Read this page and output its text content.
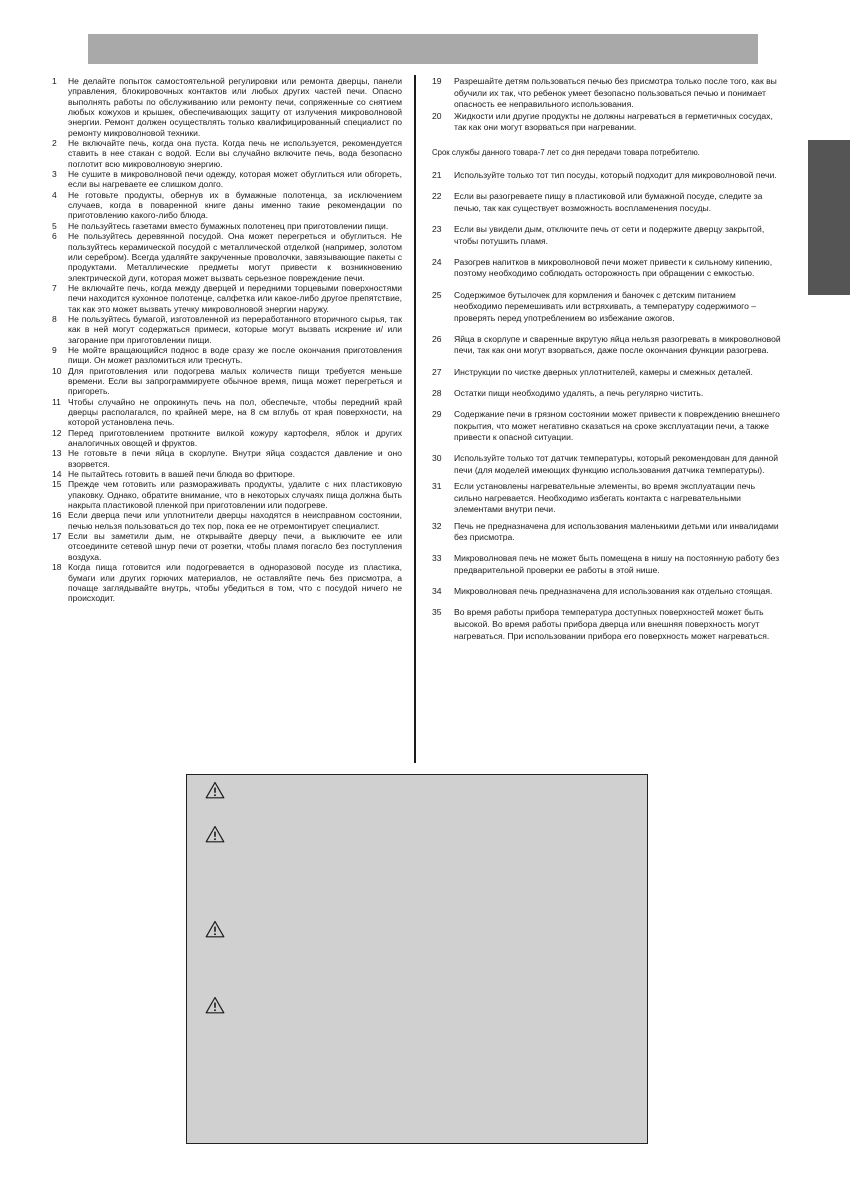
1	Не делайте попыток самостоятельной регулировки или ремонта дверцы, панели управления, блокировочных контактов или любых других частей печи. Опасно выполнять работы по обслуживанию или ремонту печи, сопряженные со снятием любых кожухов и крышек, обеспечивающих защиту от излучения микроволновой энергии. Ремонт должен осуществлять только квалифицированный специалист по ремонту микроволновой техники.
2	Не включайте печь, когда она пуста. Когда печь не используется, рекомендуется ставить в нее стакан с водой. Если вы случайно включите печь, вода безопасно поглотит всю микроволновую энергию.
3	Не сушите в микроволновой печи одежду, которая может обуглиться или обгореть, если вы нагреваете ее слишком долго.
4	Не готовьте продукты, обернув их в бумажные полотенца, за исключением случаев, когда в поваренной книге даны именно такие рекомендации по приготовлению какого-либо блюда.
5	Не пользуйтесь газетами вместо бумажных полотенец при приготовлении пищи.
6	Не пользуйтесь деревянной посудой. Она может перегреться и обуглиться. Не пользуйтесь керамической посудой с металлической отделкой (например, золотом или серебром). Всегда удаляйте закрученные проволочки, завязывающие пакеты с продуктами. Металлические предметы могут привести к возникновению электрической дуги, которая может вызвать серьезное повреждение печи.
7	Не включайте печь, когда между дверцей и передними торцевыми поверхностями печи находится кухонное полотенце, салфетка или какое-либо другое препятствие, так как это может вызвать утечку микроволновой энергии наружу.
8	Не пользуйтесь бумагой, изготовленной из переработанного вторичного сырья, так как в ней могут содержаться примеси, которые могут вызвать искрение и/ или загорание при приготовлении пищи.
9	Не мойте вращающийся поднос в воде сразу же после окончания приготовления пищи. Он может разломиться или треснуть.
10 Для приготовления или подогрева малых количеств пищи требуется меньше времени. Если вы запрограммируете обычное время, пища может перегреться и пригореть.
11 Чтобы случайно не опрокинуть печь на пол, обеспечьте, чтобы передний край дверцы располагался, по крайней мере, на 8 см вглубь от края поверхности, на которой установлена печь.
12 Перед приготовлением проткните вилкой кожуру картофеля, яблок и других аналогичных овощей и фруктов.
13 Не готовьте в печи яйца в скорлупе. Внутри яйца создастся давление и оно взорвется.
14 Не пытайтесь готовить в вашей печи блюда во фритюре.
15 Прежде чем готовить или размораживать продукты, удалите с них пластиковую упаковку. Однако, обратите внимание, что в некоторых случаях пища должна быть накрыта пластиковой пленкой при приготовлении или подогреве.
16 Если дверца печи или уплотнители дверцы находятся в неисправном состоянии, печью нельзя пользоваться до тех пор, пока ее не отремонтирует специалист.
17 Если вы заметили дым, не открывайте дверцу печи, а выключите ее или отсоедините сетевой шнур печи от розетки, чтобы пламя погасло без поступления воздуха.
18 Когда пища готовится или подогревается в одноразовой посуде из пластика, бумаги или других горючих материалов, не оставляйте печь без присмотра, а почаще заглядывайте внутрь, чтобы убедиться в том, что с посудой ничего не происходит.
19	Разрешайте детям пользоваться печью без присмотра только после того, как вы обучили их так, что ребенок умеет безопасно пользоваться печью и понимает опасность ее неправильного использования.
20	Жидкости или другие продукты не должны нагреваться в герметичных сосудах, так как они могут взорваться при нагревании.
Срок службы данного товара-7 лет со дня передачи товара потребителю.
21	Используйте только тот тип посуды, который подходит для микроволновой печи.
22	Если вы разогреваете пищу в пластиковой или бумажной посуде, следите за печью, так как существует возможность воспламенения посуды.
23	Если вы увидели дым, отключите печь от сети и подержите дверцу закрытой, чтобы потушить пламя.
24	Разогрев напитков в микроволновой печи может привести к сильному кипению, поэтому необходимо соблюдать осторожность при обращении с емкостью.
25	Содержимое бутылочек для кормления и баночек с детским питанием необходимо перемешивать или встряхивать, а температуру содержимого – проверять перед употреблением во избежание ожогов.
26	Яйца в скорлупе и сваренные вкрутую яйца нельзя разогревать в микроволновой печи, так как они могут взорваться, даже после окончания функции разогрева.
27	Инструкции по чистке дверных уплотнителей, камеры и смежных деталей.
28	Остатки пищи необходимо удалять, а печь регулярно чистить.
29	Содержание печи в грязном состоянии может привести к повреждению внешнего покрытия, что может негативно сказаться на сроке эксплуатации печи, а также привести к опасной ситуации.
30	Используйте только тот датчик температуры, который рекомендован для данной печи (для моделей имеющих функцию использования датчика температуры).
31	Если установлены нагревательные элементы, во время эксплуатации печь сильно нагревается. Необходимо избегать контакта с нагревательными элементами внутри печи.
32	Печь не предназначена для использования маленькими детьми или инвалидами без присмотра.
33	Микроволновая печь не может быть помещена в нишу на постоянную работу без предварительной проверки ее работы в этой нише.
34	Микроволновая печь предназначена для использования как отдельно стоящая.
35	Во время работы прибора температура доступных поверхностей может быть высокой. Во время работы прибора дверца или внешняя поверхность могут нагреваться. При использовании прибора его поверхность может нагреваться.
